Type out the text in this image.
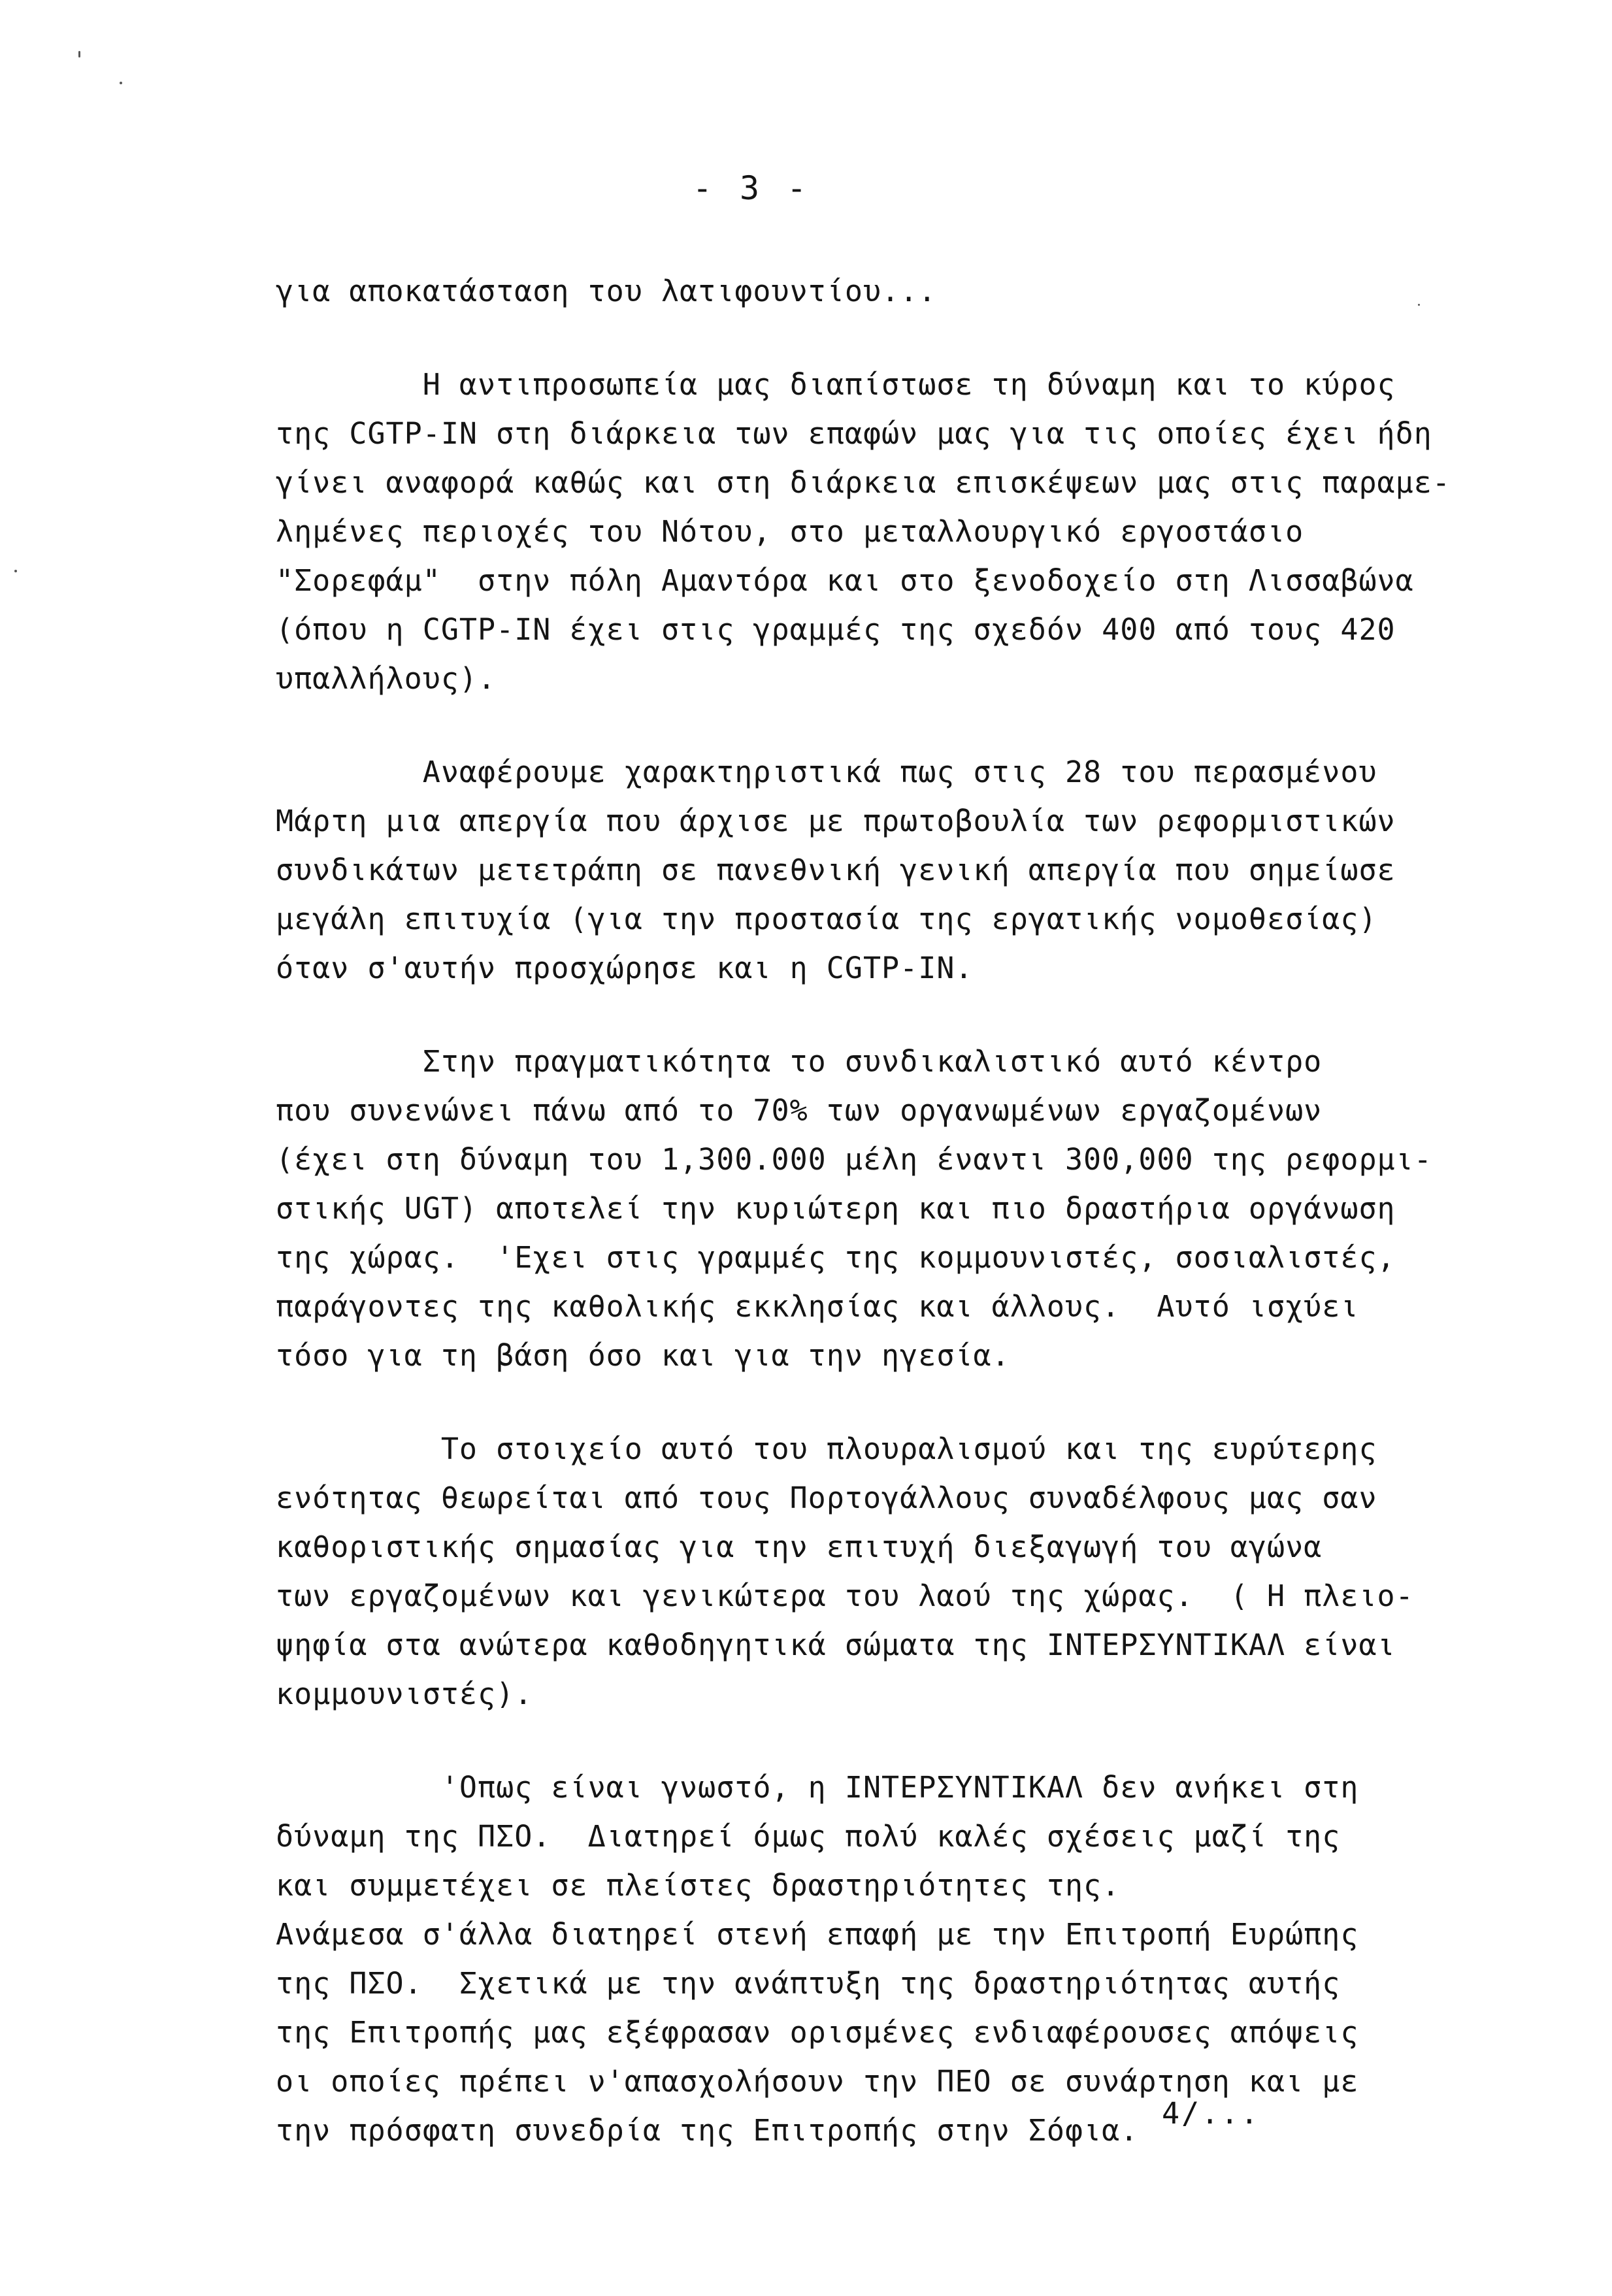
- 3 -
για αποκατάσταση του λατιφουντίου...
Η αντιπροσωπεία μας διαπίστωσε τη δύναμη και το κύρος
της CGTP-IN στη διάρκεια των επαφών μας για τις οποίες έχει ήδη
γίνει αναφορά καθώς και στη διάρκεια επισκέψεων μας στις παραμε-
λημένες περιοχές του Νότου, στο μεταλλουργικό εργοστάσιο
"Σορεφάμ"  στην πόλη Αμαντόρα και στο ξενοδοχείο στη Λισσαβώνα
(όπου η CGTP-IN έχει στις γραμμές της σχεδόν 400 από τους 420
υπαλλήλους).
Αναφέρουμε χαρακτηριστικά πως στις 28 του περασμένου
Μάρτη μια απεργία που άρχισε με πρωτοβουλία των ρεφορμιστικών
συνδικάτων μετετράπη σε πανεθνική γενική απεργία που σημείωσε
μεγάλη επιτυχία (για την προστασία της εργατικής νομοθεσίας)
όταν σ'αυτήν προσχώρησε και η CGTP-IN.
Στην πραγματικότητα το συνδικαλιστικό αυτό κέντρο
που συνενώνει πάνω από το 70% των οργανωμένων εργαζομένων
(έχει στη δύναμη του 1,300.000 μέλη έναντι 300,000 της ρεφορμι-
στικής UGT) αποτελεί την κυριώτερη και πιο δραστήρια οργάνωση
της χώρας.  'Εχει στις γραμμές της κομμουνιστές, σοσιαλιστές,
παράγοντες της καθολικής εκκλησίας και άλλους.  Αυτό ισχύει
τόσο για τη βάση όσο και για την ηγεσία.
Το στοιχείο αυτό του πλουραλισμού και της ευρύτερης
ενότητας θεωρείται από τους Πορτογάλλους συναδέλφους μας σαν
καθοριστικής σημασίας για την επιτυχή διεξαγωγή του αγώνα
των εργαζομένων και γενικώτερα του λαού της χώρας.  ( Η πλειο-
ψηφία στα ανώτερα καθοδηγητικά σώματα της ΙΝΤΕΡΣΥΝΤΙΚΑΛ είναι
κομμουνιστές).
'Οπως είναι γνωστό, η ΙΝΤΕΡΣΥΝΤΙΚΑΛ δεν ανήκει στη
δύναμη της ΠΣΟ.  Διατηρεί όμως πολύ καλές σχέσεις μαζί της
και συμμετέχει σε πλείστες δραστηριότητες της.
Ανάμεσα σ'άλλα διατηρεί στενή επαφή με την Επιτροπή Ευρώπης
της ΠΣΟ.  Σχετικά με την ανάπτυξη της δραστηριότητας αυτής
της Επιτροπής μας εξέφρασαν ορισμένες ενδιαφέρουσες απόψεις
οι οποίες πρέπει ν'απασχολήσουν την ΠΕΟ σε συνάρτηση και με
την πρόσφατη συνεδρία της Επιτροπής στην Σόφια. 4/...
